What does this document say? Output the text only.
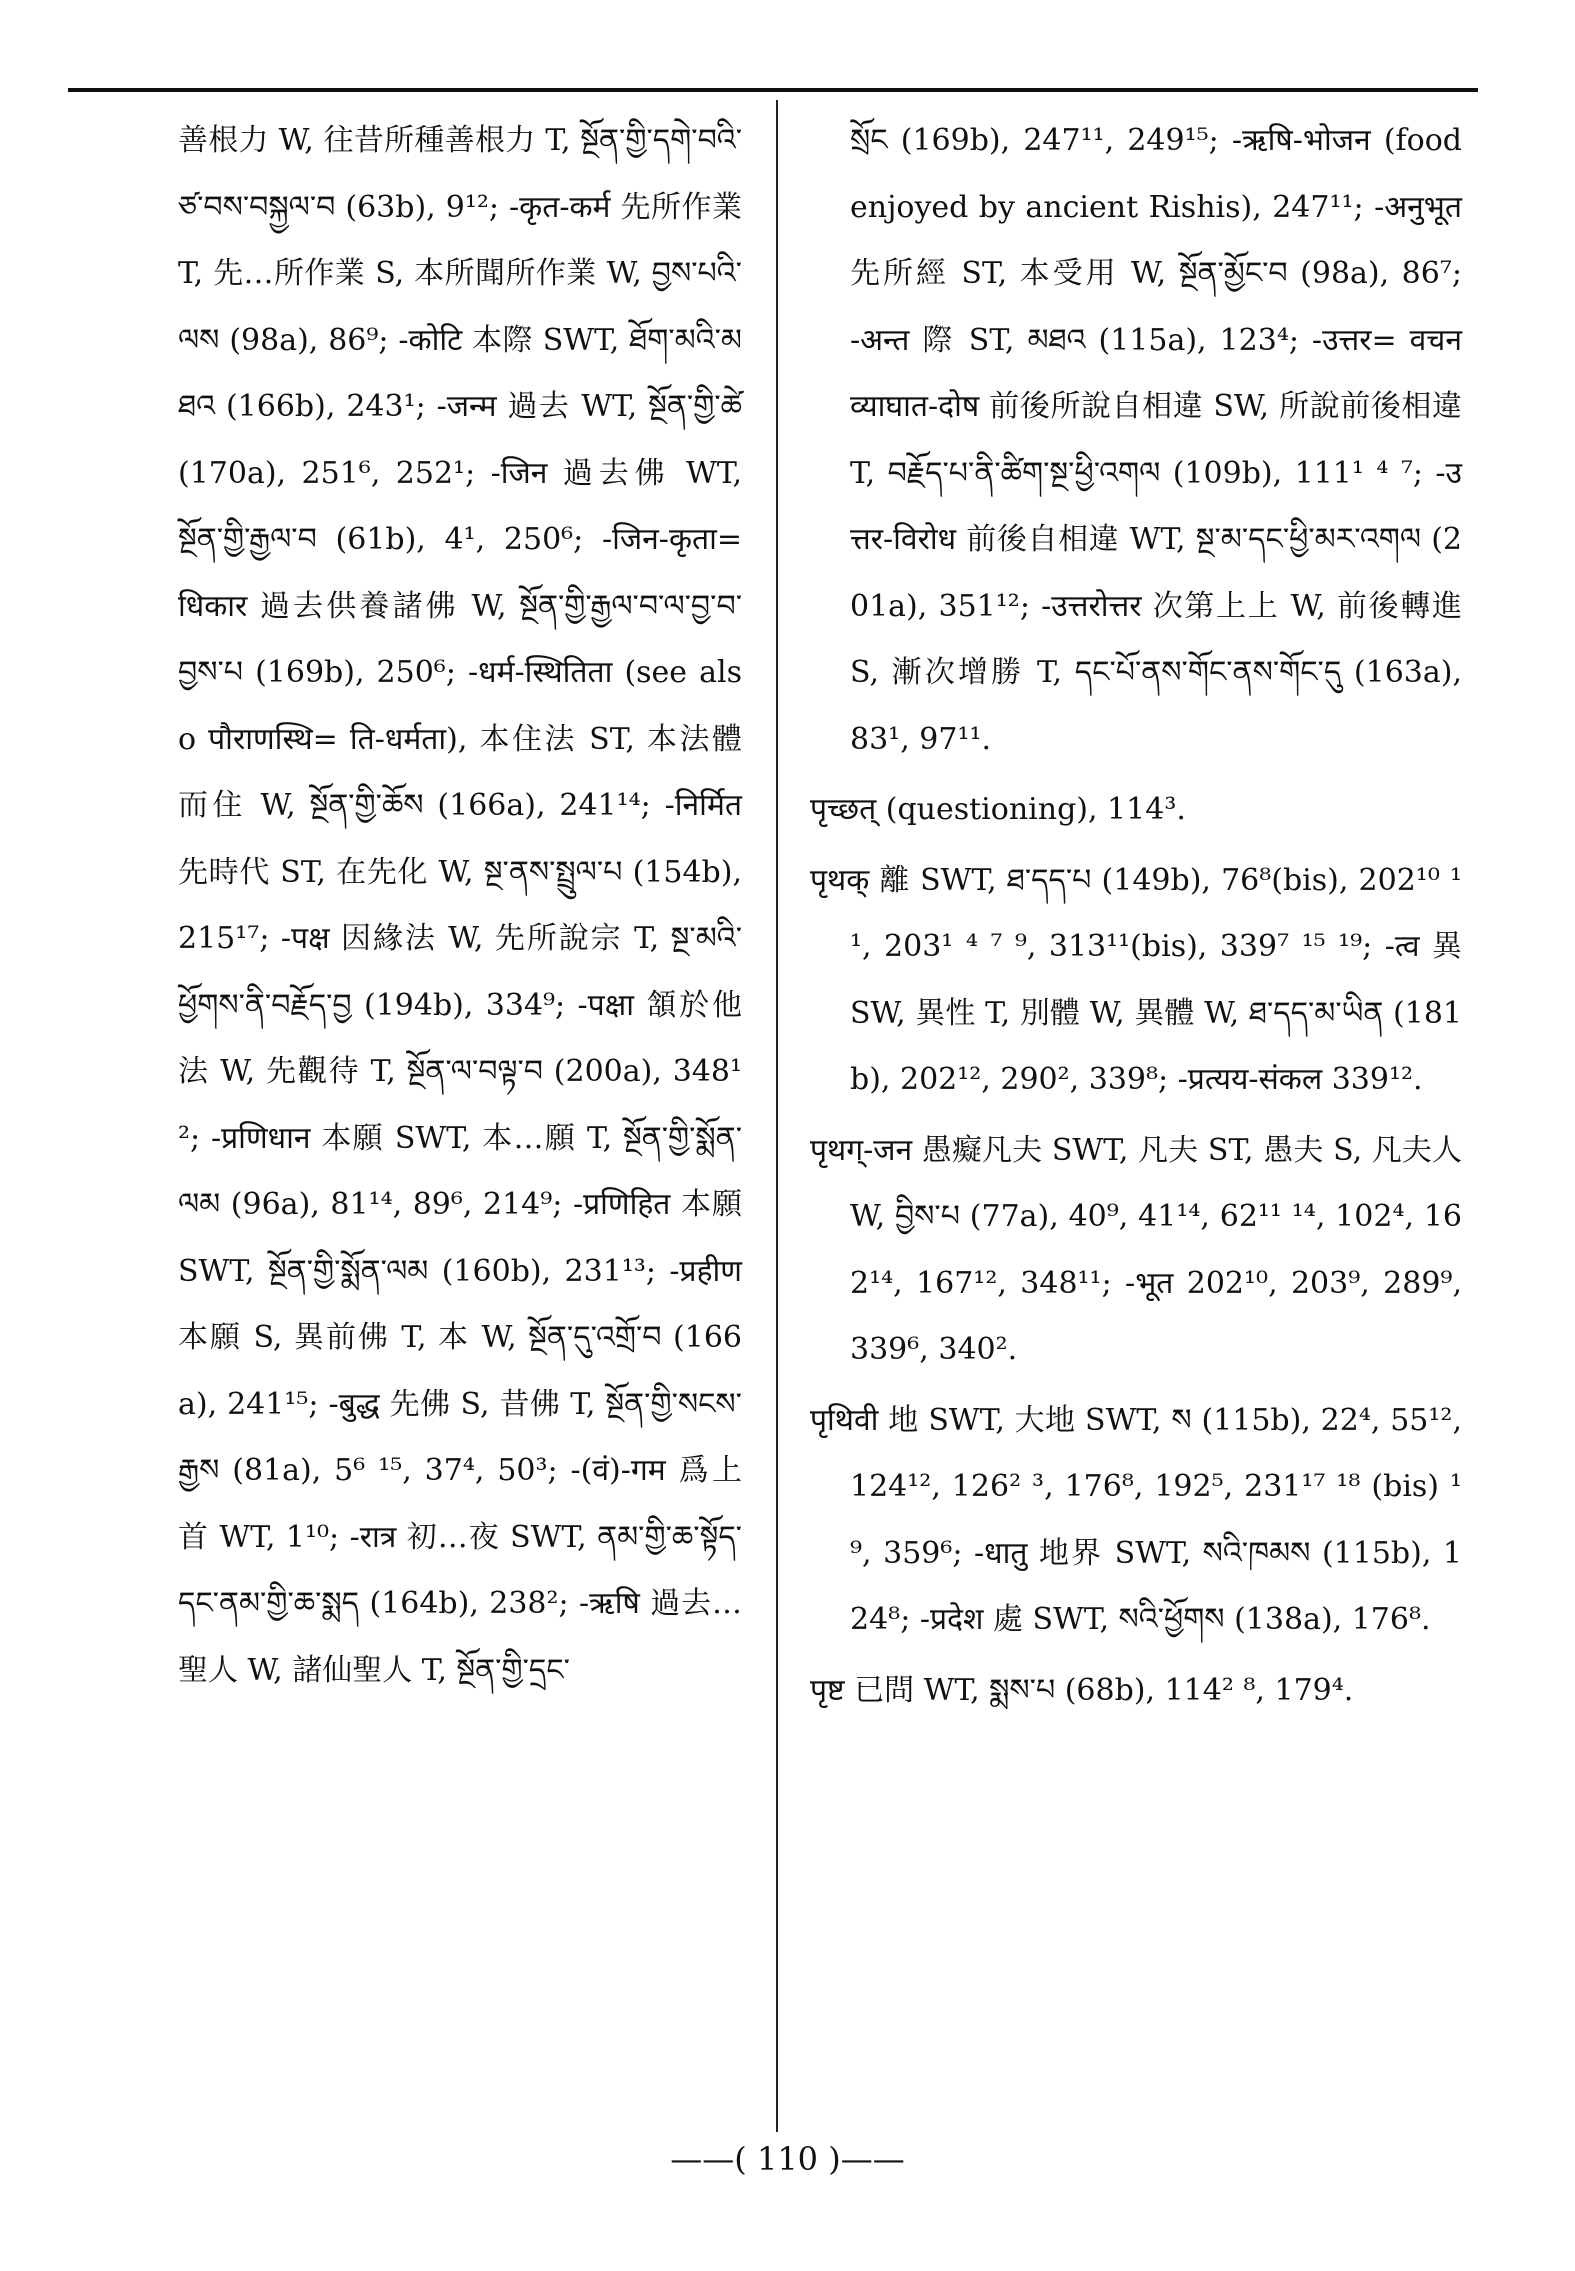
善根力 W, 往昔所種善根力 T, སྔོན་གྱི་དགེ་བའི་ཙ་བས་བསྐྱལ་བ (63b), 9¹²; -कृत-कर्म 先所作業 T, 先…所作業 S, 本所聞所作業 W, བྱས་པའི་ལས (98a), 86⁹; -कोटि 本際 SWT, ཐོག་མའི་མཐའ (166b), 243¹; -जन्म 過去 WT, སྔོན་གྱི་ཚེ (170a), 251⁶, 252¹; -जिन 過去佛 WT, སྔོན་གྱི་རྒྱལ་བ (61b), 4¹, 250⁶; -जिन-कृता= धिकार 過去供養諸佛 W, སྔོན་གྱི་རྒྱལ་བ་ལ་བྱ་བ་བྱས་པ (169b), 250⁶; -धर्म-स्थितिता (see also पौराणस्थि= ति-धर्मता), 本住法 ST, 本法體而住 W, སྔོན་གྱི་ཆོས (166a), 241¹⁴; -निर्मित 先時代 ST, 在先化 W, སྔ་ནས་སྤྲུལ་པ (154b), 215¹⁷; -पक्ष 因緣法 W, 先所說宗 T, སྔ་མའི་ཕྱོགས་ནི་བརྗོད་བྱ (194b), 334⁹; -पक्षा 頷於他法 W, 先觀待 T, སྔོན་ལ་བལྟ་བ (200a), 348¹²; -प्रणिधान 本願 SWT, 本…願 T, སྔོན་གྱི་སྨོན་ལམ (96a), 81¹⁴, 89⁶, 214⁹; -प्रणिहित 本願 SWT, སྔོན་གྱི་སྨོན་ལམ (160b), 231¹³; -प्रहीण 本願 S, 異前佛 T, 本 W, སྔོན་དུ་འགྲོ་བ (166a), 241¹⁵; -बुद्ध 先佛 S, 昔佛 T, སྔོན་གྱི་སངས་རྒྱས (81a), 5⁶ ¹⁵, 37⁴, 50³; -(वं)-गम 爲上首 WT, 1¹⁰; -रात्र 初…夜 SWT, ནམ་གྱི་ཆ་སྟོད་དང་ནམ་གྱི་ཆ་སྨད (164b), 238²; -ऋषि 過去…聖人 W, 諸仙聖人 T, སྔོན་གྱི་དྲང་

སྲོང (169b), 247¹¹, 249¹⁵; -ऋषि-भोजन (food enjoyed by ancient Rishis), 247¹¹; -अनुभूत 先所經 ST, 本受用 W, སྔོན་མྱོང་བ (98a), 86⁷; -अन्त 際 ST, མཐའ (115a), 123⁴; -उत्तर= वचनव्याघात-दोष 前後所說自相違 SW, 所說前後相違 T, བརྗོད་པ་ནི་ཚིག་སྔ་ཕྱི་འགལ (109b), 111¹ ⁴ ⁷; -उत्तर-विरोध 前後自相違 WT, སྔ་མ་དང་ཕྱི་མར་འགལ (201a), 351¹²; -उत्तरोत्तर 次第上上 W, 前後轉進 S, 漸次增勝 T, དང་པོ་ནས་གོང་ནས་གོང་དུ (163a), 83¹, 97¹¹.

पृच्छत् (questioning), 114³.

पृथक् 離 SWT, ཐ་དད་པ (149b), 76⁸(bis), 202¹⁰ ¹¹, 203¹ ⁴ ⁷ ⁹, 313¹¹(bis), 339⁷ ¹⁵ ¹⁹; -त्व 異 SW, 異性 T, 別體 W, 異體 W, ཐ་དད་མ་ཡིན (181b), 202¹², 290², 339⁸; -प्रत्यय-संकल 339¹².

पृथग्-जन 愚癡凡夫 SWT, 凡夫 ST, 愚夫 S, 凡夫人 W, བྱིས་པ (77a), 40⁹, 41¹⁴, 62¹¹ ¹⁴, 102⁴, 162¹⁴, 167¹², 348¹¹; -भूत 202¹⁰, 203⁹, 289⁹, 339⁶, 340².

पृथिवी 地 SWT, 大地 SWT, ས (115b), 22⁴, 55¹², 124¹², 126² ³, 176⁸, 192⁵, 231¹⁷ ¹⁸ (bis) ¹⁹, 359⁶; -धातु 地界 SWT, སའི་ཁམས (115b), 124⁸; -प्रदेश 處 SWT, སའི་ཕྱོགས (138a), 176⁸.

पृष्ट 已問 WT, སྨས་པ (68b), 114² ⁸, 179⁴.

——( 110 )——
